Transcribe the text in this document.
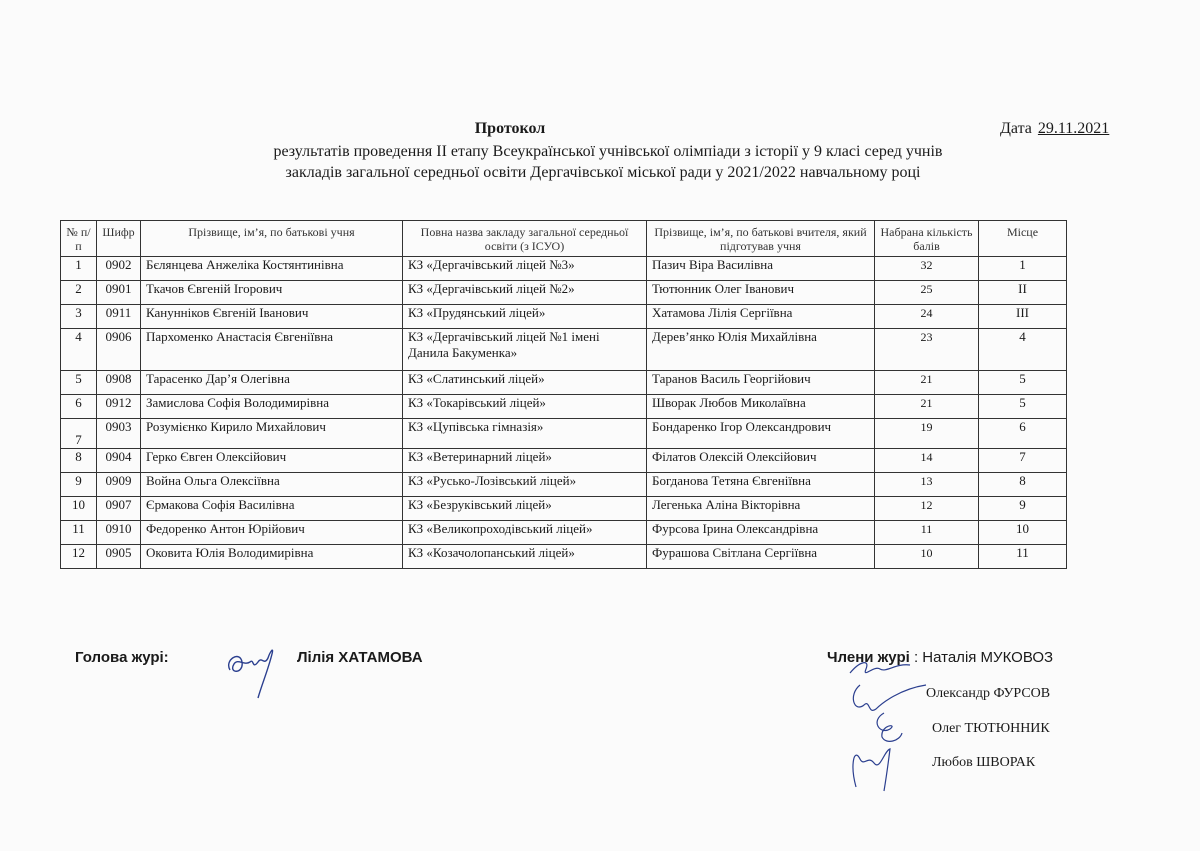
Протокол	Дата 29.11.2021
результатів проведення ІІ етапу Всеукраїнської учнівської олімпіади з історії у 9 класі серед учнів
закладів загальної середньої освіти Дергачівської міської ради у 2021/2022 навчальному році
№ п/п	Шифр	Прізвище, ім’я, по батькові учня	Повна назва закладу загальної середньої освіти (з ІСУО)	Прізвище, ім’я, по батькові вчителя, який підготував учня	Набрана кількість балів	Місце
1	0902	Бєлянцева Анжеліка Костянтинівна	КЗ «Дергачівський ліцей №3»	Пазич Віра Василівна	32	1
2	0901	Ткачов Євгеній Ігорович	КЗ «Дергачівський ліцей №2»	Тютюнник Олег Іванович	25	ІІ
3	0911	Канунніков Євгеній Іванович	КЗ «Прудянський ліцей»	Хатамова Лілія Сергіївна	24	ІІІ
4	0906	Пархоменко Анастасія Євгеніївна	КЗ «Дергачівський ліцей №1 імені Данила Бакуменка»	Дерев’янко Юлія Михайлівна	23	4
5	0908	Тарасенко Дар’я Олегівна	КЗ «Слатинський ліцей»	Таранов Василь Георгійович	21	5
6	0912	Замислова Софія Володимирівна	КЗ «Токарівський ліцей»	Шворак Любов Миколаївна	21	5
7	0903	Розумієнко Кирило Михайлович	КЗ «Цупівська гімназія»	Бондаренко Ігор Олександрович	19	6
8	0904	Герко Євген Олексійович	КЗ «Ветеринарний ліцей»	Філатов Олексій Олексійович	14	7
9	0909	Война Ольга Олексіївна	КЗ «Русько-Лозівський ліцей»	Богданова Тетяна Євгеніївна	13	8
10	0907	Єрмакова Софія Василівна	КЗ «Безруківський ліцей»	Легенька Аліна Вікторівна	12	9
11	0910	Федоренко Антон Юрійович	КЗ «Великопроходівський ліцей»	Фурсова Ірина Олександрівна	11	10
12	0905	Оковита Юлія Володимирівна	КЗ «Козачолопанський ліцей»	Фурашова Світлана Сергіївна	10	11
Голова журі:	Лілія ХАТАМОВА	Члени журі : Наталія МУКОВОЗ
Олександр ФУРСОВ
Олег ТЮТЮННИК
Любов ШВОРАК
